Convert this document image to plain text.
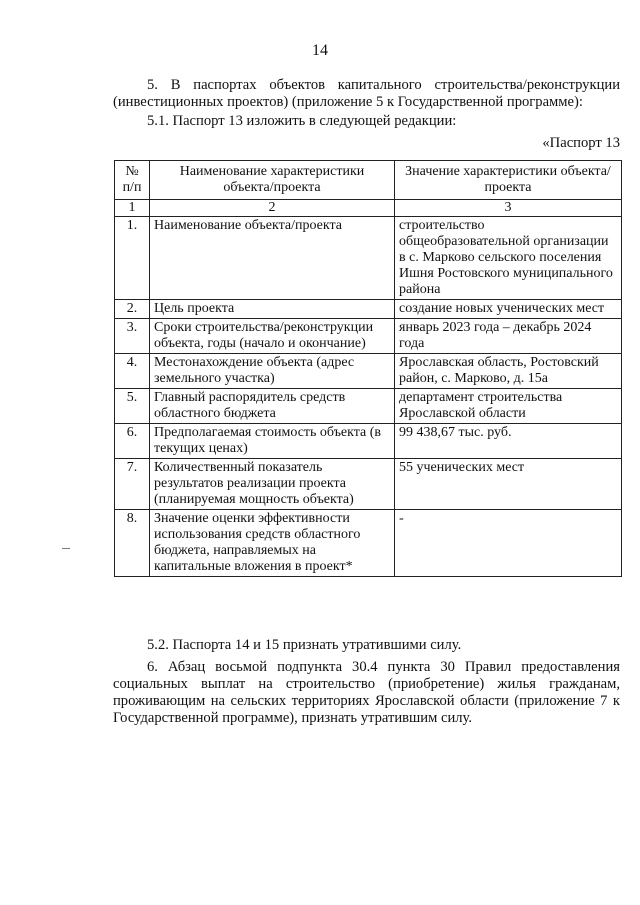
14
5. В паспортах объектов капитального строительства/реконструкции (инвестиционных проектов) (приложение 5 к Государственной программе):
5.1. Паспорт 13 изложить в следующей редакции:
«Паспорт 13
№ п/п	Наименование характеристики объекта/проекта	Значение характеристики объекта/проекта
1	2	3
1.	Наименование объекта/проекта	строительство общеобразовательной организации в с. Марково сельского поселения Ишня Ростовского муниципального района
2.	Цель проекта	создание новых ученических мест
3.	Сроки строительства/реконструкции объекта, годы (начало и окончание)	январь 2023 года – декабрь 2024 года
4.	Местонахождение объекта (адрес земельного участка)	Ярославская область, Ростовский район, с. Марково, д. 15а
5.	Главный распорядитель средств областного бюджета	департамент строительства Ярославской области
6.	Предполагаемая стоимость объекта (в текущих ценах)	99 438,67 тыс. руб.
7.	Количественный показатель результатов реализации проекта (планируемая мощность объекта)	55 ученических мест
8.	Значение оценки эффективности использования средств областного бюджета, направляемых на капитальные вложения в проект*	-
5.2. Паспорта 14 и 15 признать утратившими силу.
6. Абзац восьмой подпункта 30.4 пункта 30 Правил предоставления социальных выплат на строительство (приобретение) жилья гражданам, проживающим на сельских территориях Ярославской области (приложение 7 к Государственной программе), признать утратившим силу.
